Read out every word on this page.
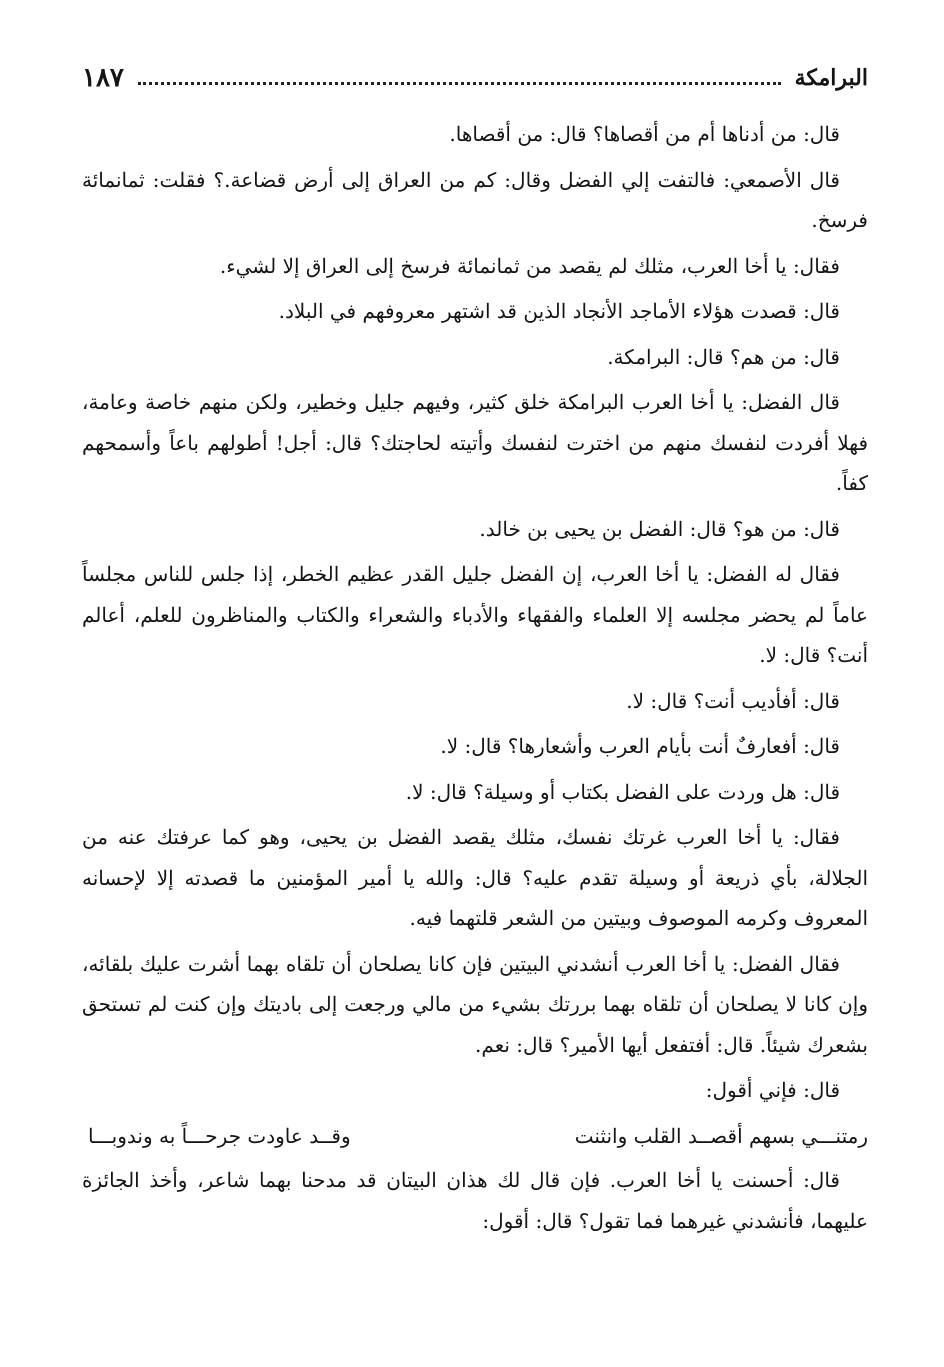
البرامكة
١٨٧

قال: من أدناها أم من أقصاها؟ قال: من أقصاها.

قال الأصمعي: فالتفت إلي الفضل وقال: كم من العراق إلى أرض قضاعة.؟ فقلت: ثمانمائة فرسخ.

فقال: يا أخا العرب، مثلك لم يقصد من ثمانمائة فرسخ إلى العراق إلا لشيء.

قال: قصدت هؤلاء الأماجد الأنجاد الذين قد اشتهر معروفهم في البلاد.

قال: من هم؟ قال: البرامكة.

قال الفضل: يا أخا العرب البرامكة خلق كثير، وفيهم جليل وخطير، ولكن منهم خاصة وعامة، فهلا أفردت لنفسك منهم من اخترت لنفسك وأتيته لحاجتك؟ قال: أجل! أطولهم باعاً وأسمحهم كفاً.

قال: من هو؟ قال: الفضل بن يحيى بن خالد.

فقال له الفضل: يا أخا العرب، إن الفضل جليل القدر عظيم الخطر، إذا جلس للناس مجلساً عاماً لم يحضر مجلسه إلا العلماء والفقهاء والأدباء والشعراء والكتاب والمناظرون للعلم، أعالم أنت؟ قال: لا.

قال: أفأديب أنت؟ قال: لا.

قال: أفعارفٌ أنت بأيام العرب وأشعارها؟ قال: لا.

قال: هل وردت على الفضل بكتاب أو وسيلة؟ قال: لا.

فقال: يا أخا العرب غرتك نفسك، مثلك يقصد الفضل بن يحيى، وهو كما عرفتك عنه من الجلالة، بأي ذريعة أو وسيلة تقدم عليه؟ قال: والله يا أمير المؤمنين ما قصدته إلا لإحسانه المعروف وكرمه الموصوف وبيتين من الشعر قلتهما فيه.

فقال الفضل: يا أخا العرب أنشدني البيتين فإن كانا يصلحان أن تلقاه بهما أشرت عليك بلقائه، وإن كانا لا يصلحان أن تلقاه بهما بررتك بشيء من مالي ورجعت إلى باديتك وإن كنت لم تستحق بشعرك شيئاً. قال: أفتفعل أيها الأمير؟ قال: نعم.

قال: فإني أقول:

رمتنـــي بسهم أقصــد القلب وانثنت
وقــد عاودت جرحـــاً به وندوبـــا

قال: أحسنت يا أخا العرب. فإن قال لك هذان البيتان قد مدحنا بهما شاعر، وأخذ الجائزة عليهما، فأنشدني غيرهما فما تقول؟ قال: أقول:
